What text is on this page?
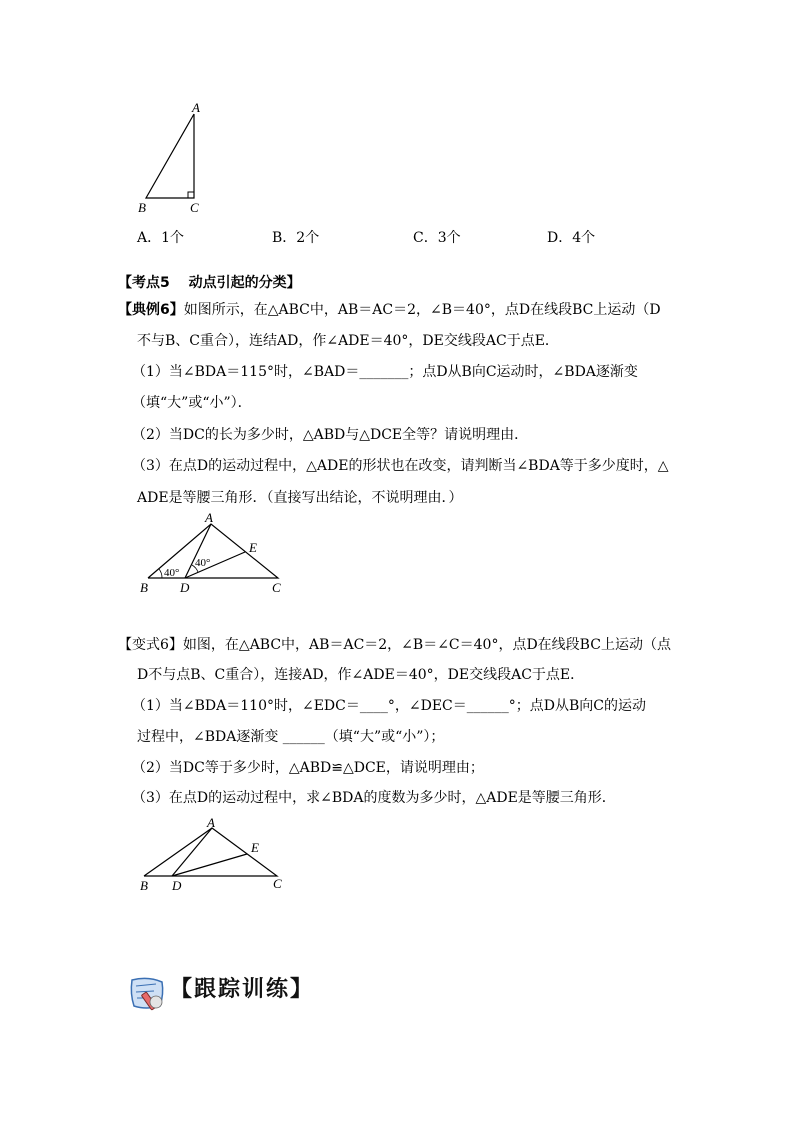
A
B	C
A．1个	B．2个	C．3个	D．4个
【考点5　 动点引起的分类】
【典例6】如图所示，在△ABC中，AB＝AC＝2，∠B＝40°，点D在线段BC上运动（D
不与B、C重合），连结AD，作∠ADE＝40°，DE交线段AC于点E．
（1）当∠BDA＝115°时，∠BAD＝_______；点D从B向C运动时，∠BDA逐渐变
（填“大”或“小”）．
（2）当DC的长为多少时，△ABD与△DCE全等？请说明理由．
（3）在点D的运动过程中，△ADE的形状也在改变，请判断当∠BDA等于多少度时，△
ADE是等腰三角形．（直接写出结论，不说明理由．）
40°
40°
A
E
B D	C
【变式6】如图，在△ABC中，AB＝AC＝2，∠B＝∠C＝40°，点D在线段BC上运动（点
D不与点B、C重合），连接AD，作∠ADE＝40°，DE交线段AC于点E．
（1）当∠BDA＝110°时，∠EDC＝____°，∠DEC＝______°；点D从B向C的运动
过程中，∠BDA逐渐变 ______（填“大”或“小”）；
（2）当DC等于多少时，△ABD≌△DCE，请说明理由；
（3）在点D的运动过程中，求∠BDA的度数为多少时，△ADE是等腰三角形．
A
E
B D	C
【跟踪训练】
